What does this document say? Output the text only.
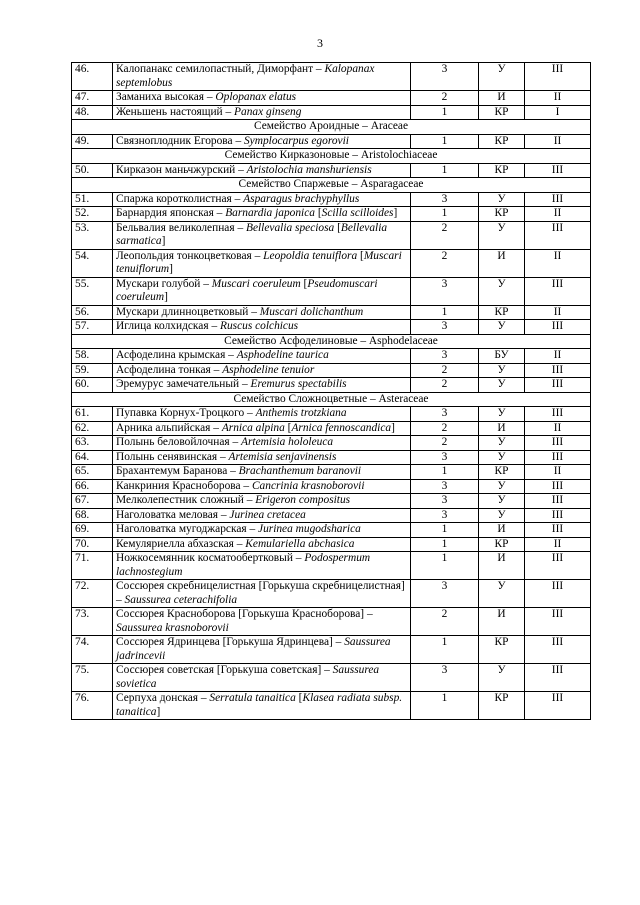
3
46.	Калопанакс семилопастный, Диморфант – Kalopanax septemlobus	3	У	III
47.	Заманиха высокая – Oplopanax elatus	2	И	II
48.	Женьшень настоящий – Panax ginseng	1	КР	I
Семейство Ароидные – Araceae				
49.	Связноплодник Егорова – Symplocarpus egorovii	1	КР	II
Семейство Кирказоновые – Aristolochiaceae				
50.	Кирказон маньчжурский – Aristolochia manshuriensis	1	КР	III
Семейство Спаржевые – Asparagaceae				
51.	Спаржа коротколистная – Asparagus brachyphyllus	3	У	III
52.	Барнардия японская – Barnardia japonica [Scilla scilloides]	1	КР	II
53.	Бельвалия великолепная – Bellevalia speciosa [Bellevalia sarmatica]	2	У	III
54.	Леопольдия тонкоцветковая – Leopoldia tenuiflora [Muscari tenuiflorum]	2	И	II
55.	Мускари голубой – Muscari coeruleum [Pseudomuscari coeruleum]	3	У	III
56.	Мускари длинноцветковый – Muscari dolichanthum	1	КР	II
57.	Иглица колхидская – Ruscus colchicus	3	У	III
Семейство Асфоделиновые – Asphodelaceae				
58.	Асфоделина крымская – Asphodeline taurica	3	БУ	II
59.	Асфоделина тонкая – Asphodeline tenuior	2	У	III
60.	Эремурус замечательный – Eremurus spectabilis	2	У	III
Семейство Сложноцветные – Asteraceae				
61.	Пупавка Корнух-Троцкого – Anthemis trotzkiana	3	У	III
62.	Арника альпийская – Arnica alpina [Arnica fennoscandica]	2	И	II
63.	Полынь беловойлочная – Artemisia hololeuca	2	У	III
64.	Полынь сенявинская – Artemisia senjavinensis	3	У	III
65.	Брахантемум Баранова – Brachanthemum baranovii	1	КР	II
66.	Канкриния Красноборова – Cancrinia krasnoborovii	3	У	III
67.	Мелколепестник сложный – Erigeron compositus	3	У	III
68.	Наголоватка меловая – Jurinea cretacea	3	У	III
69.	Наголоватка мугоджарская – Jurinea mugodsharica	1	И	III
70.	Кемуляриелла абхазская – Kemulariella abchasica	1	КР	II
71.	Ножкосемянник косматообертковый – Podospermum lachnostegium	1	И	III
72.	Соссюрея скребницелистная [Горькуша скребницелистная] – Saussurea ceterachifolia	3	У	III
73.	Соссюрея Красноборова [Горькуша Красноборова] – Saussurea krasnoborovii	2	И	III
74.	Соссюрея Ядринцева [Горькуша Ядринцева] – Saussurea jadrincevii	1	КР	III
75.	Соссюрея советская [Горькуша советская] – Saussurea sovietica	3	У	III
76.	Серпуха донская – Serratula tanaitica [Klasea radiata subsp. tanaitica]	1	КР	III
